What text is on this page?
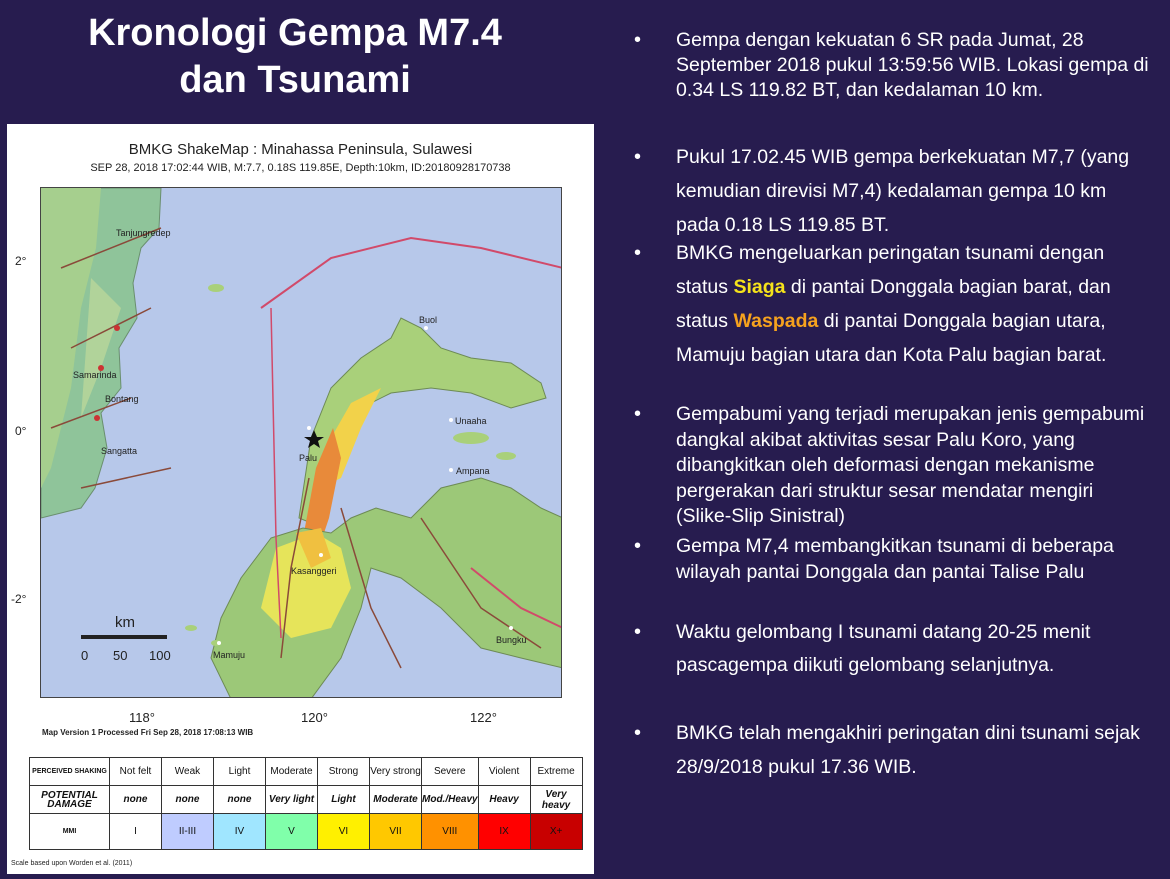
Kronologi Gempa M7.4
dan Tsunami
BMKG ShakeMap : Minahassa Peninsula, Sulawesi
SEP 28, 2018 17:02:44 WIB, M:7.7, 0.18S 119.85E, Depth:10km, ID:20180928170738
Tanjungredep
Samarinda
Bontang
Sangatta
Buol
Unaaha
Palu
Ampana
Kasanggeri
Mamuju
Bungku
km
0 50 100
2°
0°
-2°
118°	120°	122°
Map Version 1 Processed Fri Sep 28, 2018 17:08:13 WIB
PERCEIVED SHAKING	Not felt	Weak	Light	Moderate	Strong	Very strong	Severe	Violent	Extreme
POTENTIAL DAMAGE	none	none	none	Very light	Light	Moderate	Mod./Heavy	Heavy	Very heavy
MMI	I	II-III	IV	V	VI	VII	VIII	IX	X+
Scale based upon Worden et al. (2011)
• Gempa dengan kekuatan 6 SR pada Jumat, 28 September 2018 pukul 13:59:56 WIB. Lokasi gempa di 0.34 LS 119.82 BT, dan kedalaman 10 km.
• Pukul 17.02.45 WIB gempa berkekuatan M7,7 (yang kemudian direvisi M7,4) kedalaman gempa 10 km pada 0.18 LS 119.85 BT.
• BMKG mengeluarkan peringatan tsunami dengan status Siaga di pantai Donggala bagian barat, dan status Waspada di pantai Donggala bagian utara, Mamuju bagian utara dan Kota Palu bagian barat.
• Gempabumi yang terjadi merupakan jenis gempabumi dangkal akibat aktivitas sesar Palu Koro, yang dibangkitkan oleh deformasi dengan mekanisme pergerakan dari struktur sesar mendatar mengiri (Slike-Slip Sinistral)
• Gempa M7,4 membangkitkan tsunami di beberapa wilayah pantai Donggala dan pantai Talise Palu
• Waktu gelombang I tsunami datang 20-25 menit pascagempa diikuti gelombang selanjutnya.
• BMKG telah mengakhiri peringatan dini tsunami sejak 28/9/2018 pukul 17.36 WIB.
